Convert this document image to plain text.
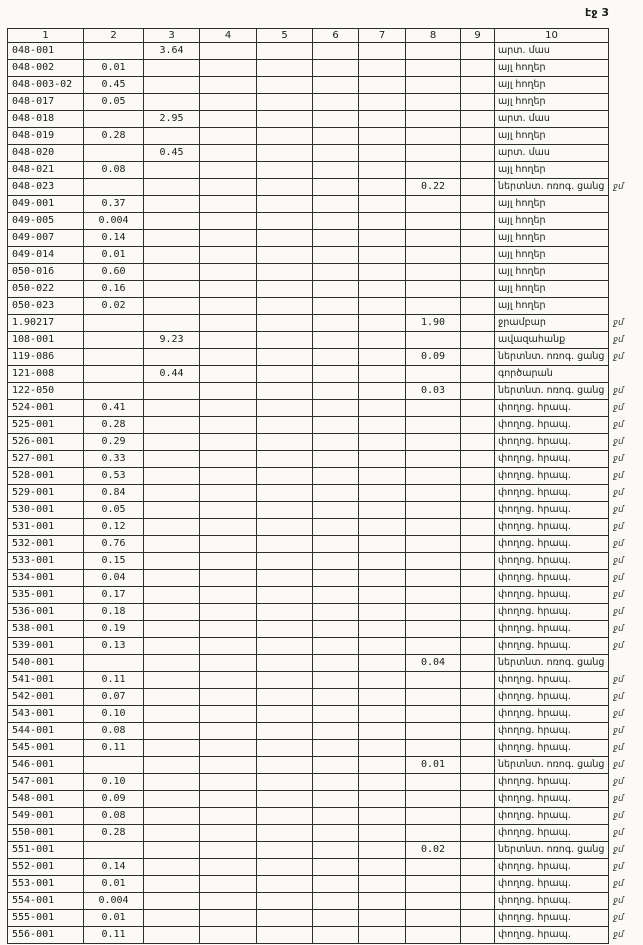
էջ 3
1	2	3	4	5	6	7	8	9	10	
048-001		3.64							արտ. մաս	
048-002	0.01								այլ հողեր	
048-003-02	0.45								այլ հողեր	
048-017	0.05								այլ հողեր	
048-018		2.95							արտ. մաս	
048-019	0.28								այլ հողեր	
048-020		0.45							արտ. մաս	
048-021	0.08								այլ հողեր	
048-023							0.22		ներտնտ. ոռոգ. ցանց	ջմ
049-001	0.37								այլ հողեր	
049-005	0.004								այլ հողեր	
049-007	0.14								այլ հողեր	
049-014	0.01								այլ հողեր	
050-016	0.60								այլ հողեր	
050-022	0.16								այլ հողեր	
050-023	0.02								այլ հողեր	
1.90217							1.90		ջրամբար	ջմ
108-001		9.23							ավազահանք	ջմ
119-086							0.09		ներտնտ. ոռոգ. ցանց	ջմ
121-008		0.44							գործարան	
122-050							0.03		ներտնտ. ոռոգ. ցանց	ջմ
524-001	0.41								փողոց. հրապ.	ջմ
525-001	0.28								փողոց. հրապ.	ջմ
526-001	0.29								փողոց. հրապ.	ջմ
527-001	0.33								փողոց. հրապ.	ջմ
528-001	0.53								փողոց. հրապ.	ջմ
529-001	0.84								փողոց. հրապ.	ջմ
530-001	0.05								փողոց. հրապ.	ջմ
531-001	0.12								փողոց. հրապ.	ջմ
532-001	0.76								փողոց. հրապ.	ջմ
533-001	0.15								փողոց. հրապ.	ջմ
534-001	0.04								փողոց. հրապ.	ջմ
535-001	0.17								փողոց. հրապ.	ջմ
536-001	0.18								փողոց. հրապ.	ջմ
538-001	0.19								փողոց. հրապ.	ջմ
539-001	0.13								փողոց. հրապ.	ջմ
540-001							0.04		ներտնտ. ոռոգ. ցանց	
541-001	0.11								փողոց. հրապ.	ջմ
542-001	0.07								փողոց. հրապ.	ջմ
543-001	0.10								փողոց. հրապ.	ջմ
544-001	0.08								փողոց. հրապ.	ջմ
545-001	0.11								փողոց. հրապ.	ջմ
546-001							0.01		ներտնտ. ոռոգ. ցանց	ջմ
547-001	0.10								փողոց. հրապ.	ջմ
548-001	0.09								փողոց. հրապ.	ջմ
549-001	0.08								փողոց. հրապ.	ջմ
550-001	0.28								փողոց. հրապ.	ջմ
551-001							0.02		ներտնտ. ոռոգ. ցանց	ջմ
552-001	0.14								փողոց. հրապ.	ջմ
553-001	0.01								փողոց. հրապ.	ջմ
554-001	0.004								փողոց. հրապ.	ջմ
555-001	0.01								փողոց. հրապ.	ջմ
556-001	0.11								փողոց. հրապ.	ջմ
